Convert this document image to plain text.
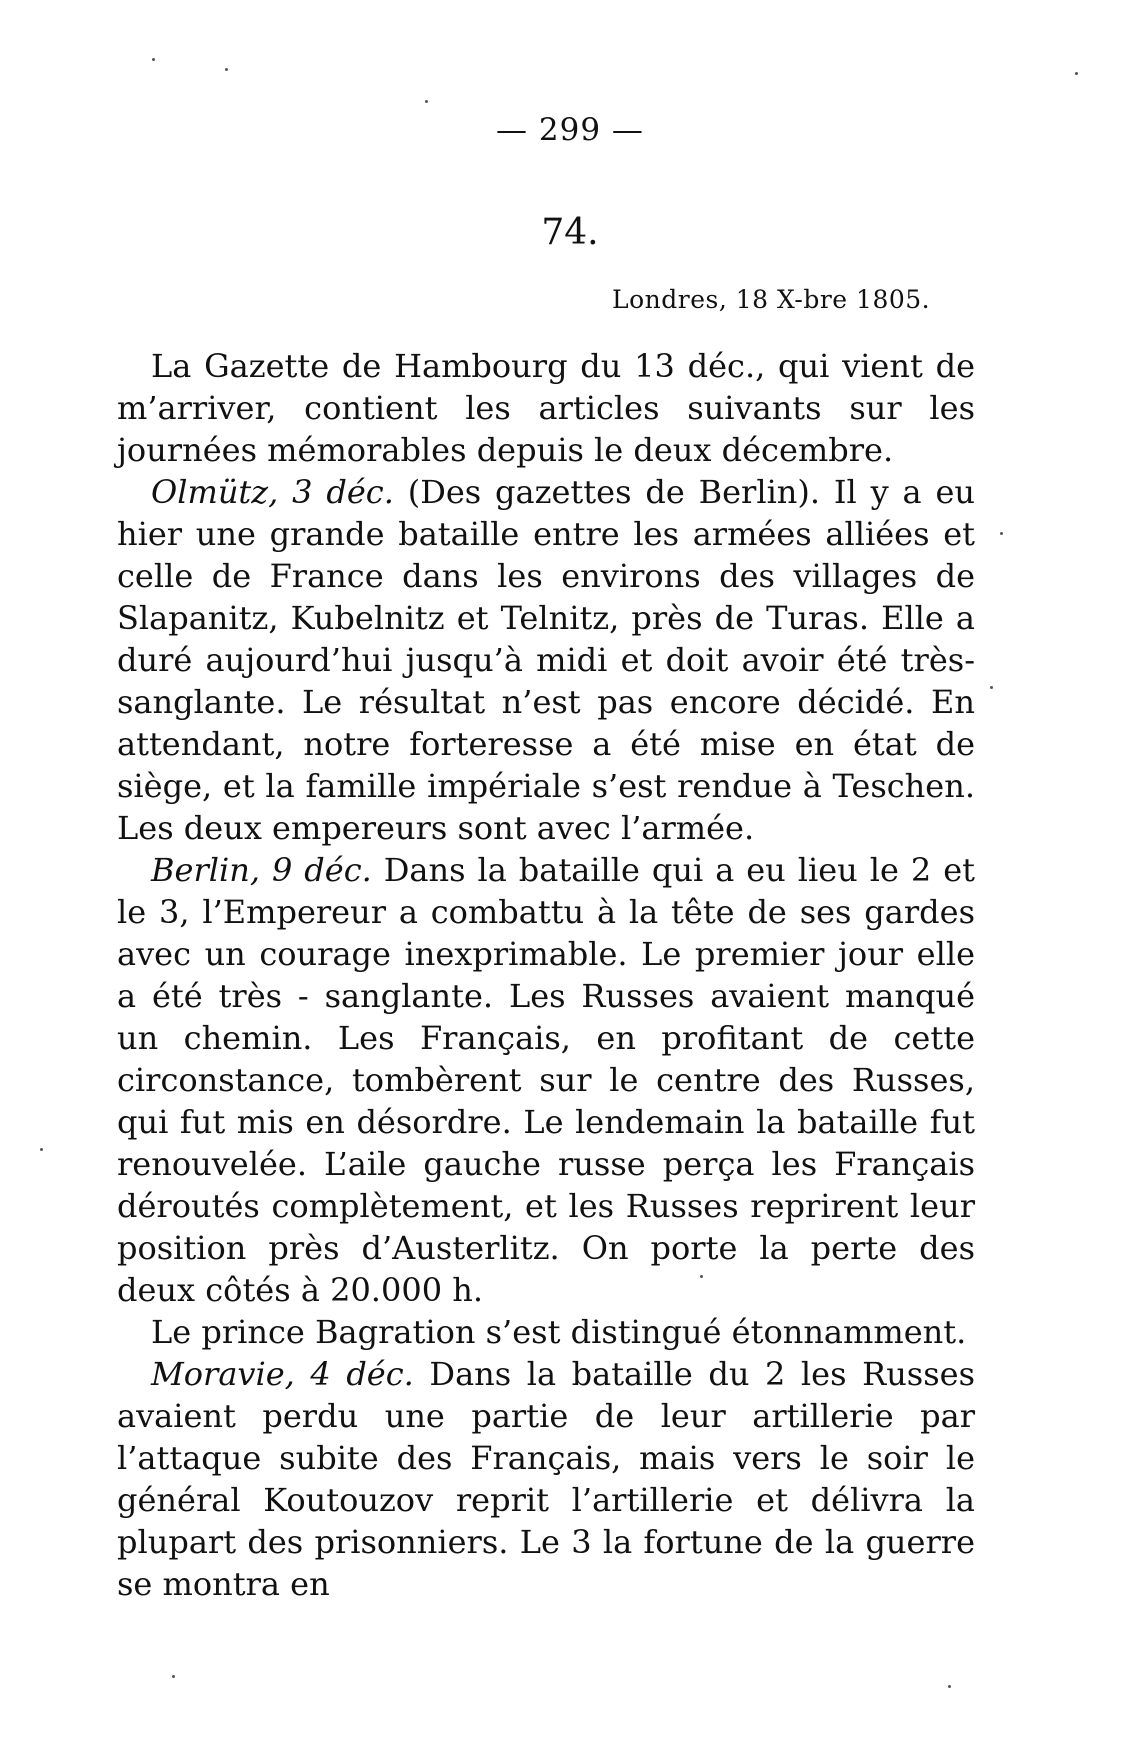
— 299 —
74.
Londres, 18 X-bre 1805.

La Gazette de Hambourg du 13 déc., qui vient de m’arriver, contient les articles suivants sur les journées mémorables depuis le deux décembre.

Olmütz, 3 déc. (Des gazettes de Berlin). Il y a eu hier une grande bataille entre les armées alliées et celle de France dans les environs des villages de Slapanitz, Kubelnitz et Telnitz, près de Turas. Elle a duré aujourd’hui jusqu’à midi et doit avoir été très-sanglante. Le résultat n’est pas encore décidé. En attendant, notre forteresse a été mise en état de siège, et la famille impériale s’est rendue à Teschen. Les deux empereurs sont avec l’armée.

Berlin, 9 déc. Dans la bataille qui a eu lieu le 2 et le 3, l’Empereur a combattu à la tête de ses gardes avec un courage inexprimable. Le premier jour elle a été très - sanglante. Les Russes avaient manqué un chemin. Les Français, en profitant de cette circonstance, tombèrent sur le centre des Russes, qui fut mis en désordre. Le lendemain la bataille fut renouvelée. L’aile gauche russe perça les Français déroutés complètement, et les Russes reprirent leur position près d’Austerlitz. On porte la perte des deux côtés à 20.000 h.

Le prince Bagration s’est distingué étonnamment.

Moravie, 4 déc. Dans la bataille du 2 les Russes avaient perdu une partie de leur artillerie par l’attaque subite des Français, mais vers le soir le général Koutouzov reprit l’artillerie et délivra la plupart des prisonniers. Le 3 la fortune de la guerre se montra en
